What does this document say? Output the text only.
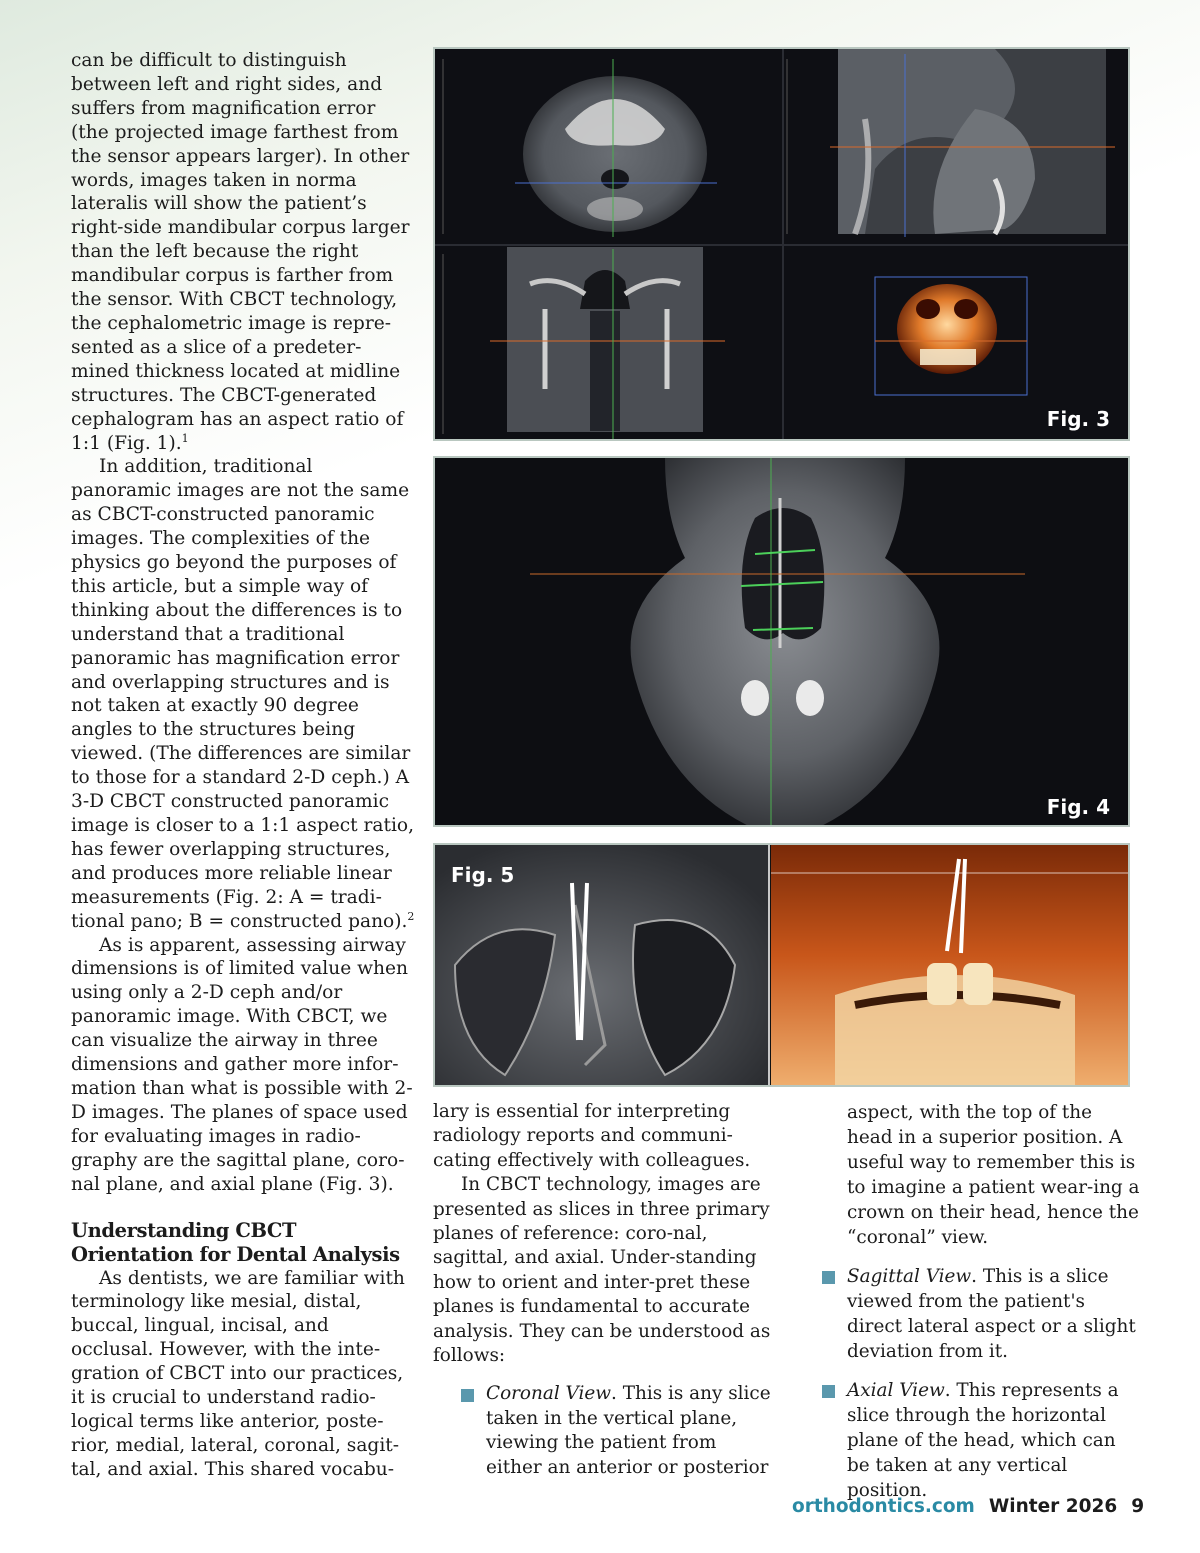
can be difficult to distinguish between left and right sides, and suffers from magnification error (the projected image farthest from the sensor appears larger). In other words, images taken in norma lateralis will show the patient’s right-side mandibular corpus larger than the left because the right mandibular corpus is farther from the sensor. With CBCT technology, the cephalometric image is repre-sented as a slice of a predeter-mined thickness located at midline structures. The CBCT-generated cephalogram has an aspect ratio of 1:1 (Fig. 1).$^1$

In addition, traditional panoramic images are not the same as CBCT-constructed panoramic images. The complexities of the physics go beyond the purposes of this article, but a simple way of thinking about the differences is to understand that a traditional panoramic has magnification error and overlapping structures and is not taken at exactly 90 degree angles to the structures being viewed. (The differences are similar to those for a standard 2-D ceph.) A 3-D CBCT constructed panoramic image is closer to a 1:1 aspect ratio, has fewer overlapping structures, and produces more reliable linear measurements (Fig. 2: A = tradi-tional pano; B = constructed pano).$^2$

As is apparent, assessing airway dimensions is of limited value when using only a 2-D ceph and/or panoramic image. With CBCT, we can visualize the airway in three dimensions and gather more infor-mation than what is possible with 2-D images. The planes of space used for evaluating images in radio-graphy are the sagittal plane, coro-nal plane, and axial plane (Fig. 3).

Understanding CBCT Orientation for Dental Analysis

As dentists, we are familiar with terminology like mesial, distal, buccal, lingual, incisal, and occlusal. However, with the inte-gration of CBCT into our practices, it is crucial to understand radio-logical terms like anterior, poste-rior, medial, lateral, coronal, sagit-tal, and axial. This shared vocabu-

Fig. 3
Fig. 4
Fig. 5

lary is essential for interpreting radiology reports and communi-cating effectively with colleagues.

In CBCT technology, images are presented as slices in three primary planes of reference: coro-nal, sagittal, and axial. Under-standing how to orient and inter-pret these planes is fundamental to accurate analysis. They can be understood as follows:

Coronal View. This is any slice taken in the vertical plane, viewing the patient from either an anterior or posterior

aspect, with the top of the head in a superior position. A useful way to remember this is to imagine a patient wear-ing a crown on their head, hence the “coronal” view.

Sagittal View. This is a slice viewed from the patient's direct lateral aspect or a slight deviation from it.
Axial View. This represents a slice through the horizontal plane of the head, which can be taken at any vertical position.
orthodontics.com Winter 2026 9
